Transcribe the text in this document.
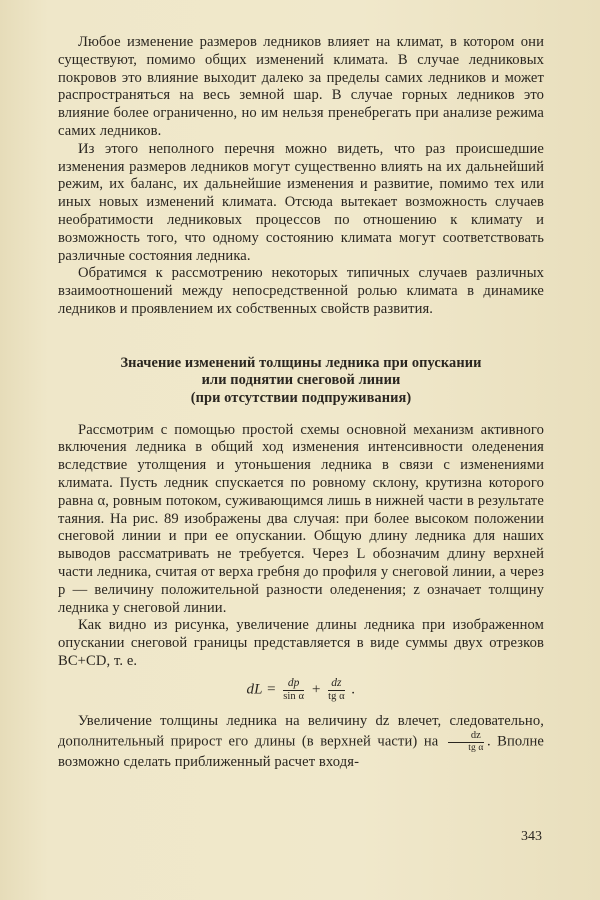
Любое изменение размеров ледников влияет на климат, в котором они существуют, помимо общих изменений климата. В случае ледниковых покровов это влияние выходит далеко за пределы самих ледников и может распространяться на весь земной шар. В случае горных ледников это влияние более ограниченно, но им нельзя пренебрегать при анализе режима самих ледников.

Из этого неполного перечня можно видеть, что раз происшедшие изменения размеров ледников могут существенно влиять на их дальнейший режим, их баланс, их дальнейшие изменения и развитие, помимо тех или иных новых изменений климата. Отсюда вытекает возможность случаев необратимости ледниковых процессов по отношению к климату и возможность того, что одному состоянию климата могут соответствовать различные состояния ледника.

Обратимся к рассмотрению некоторых типичных случаев различных взаимоотношений между непосредственной ролью климата в динамике ледников и проявлением их собственных свойств развития.

Значение изменений толщины ледника при опускании
или поднятии снеговой линии
(при отсутствии подпруживания)

Рассмотрим с помощью простой схемы основной механизм активного включения ледника в общий ход изменения интенсивности оледенения вследствие утолщения и утоньшения ледника в связи с изменениями климата. Пусть ледник спускается по ровному склону, крутизна которого равна α, ровным потоком, суживающимся лишь в нижней части в результате таяния. На рис. 89 изображены два случая: при более высоком положении снеговой линии и при ее опускании. Общую длину ледника для наших выводов рассматривать не требуется. Через L обозначим длину верхней части ледника, считая от верха гребня до профиля у снеговой линии, а через p — величину положительной разности оледенения; z означает толщину ледника у снеговой линии.

Как видно из рисунка, увеличение длины ледника при изображенном опускании снеговой границы представляется в виде суммы двух отрезков BC+CD, т. е.

dL = $\frac{dp}{\text{sin α}} + \frac{dz}{\text{tg α}}$ .

Увеличение толщины ледника на величину dz влечет, следовательно, дополнительный прирост его длины (в верхней части) на $\frac{dz}{\text{tg α}}$ . Вполне возможно сделать приближенный расчет входя-

343
